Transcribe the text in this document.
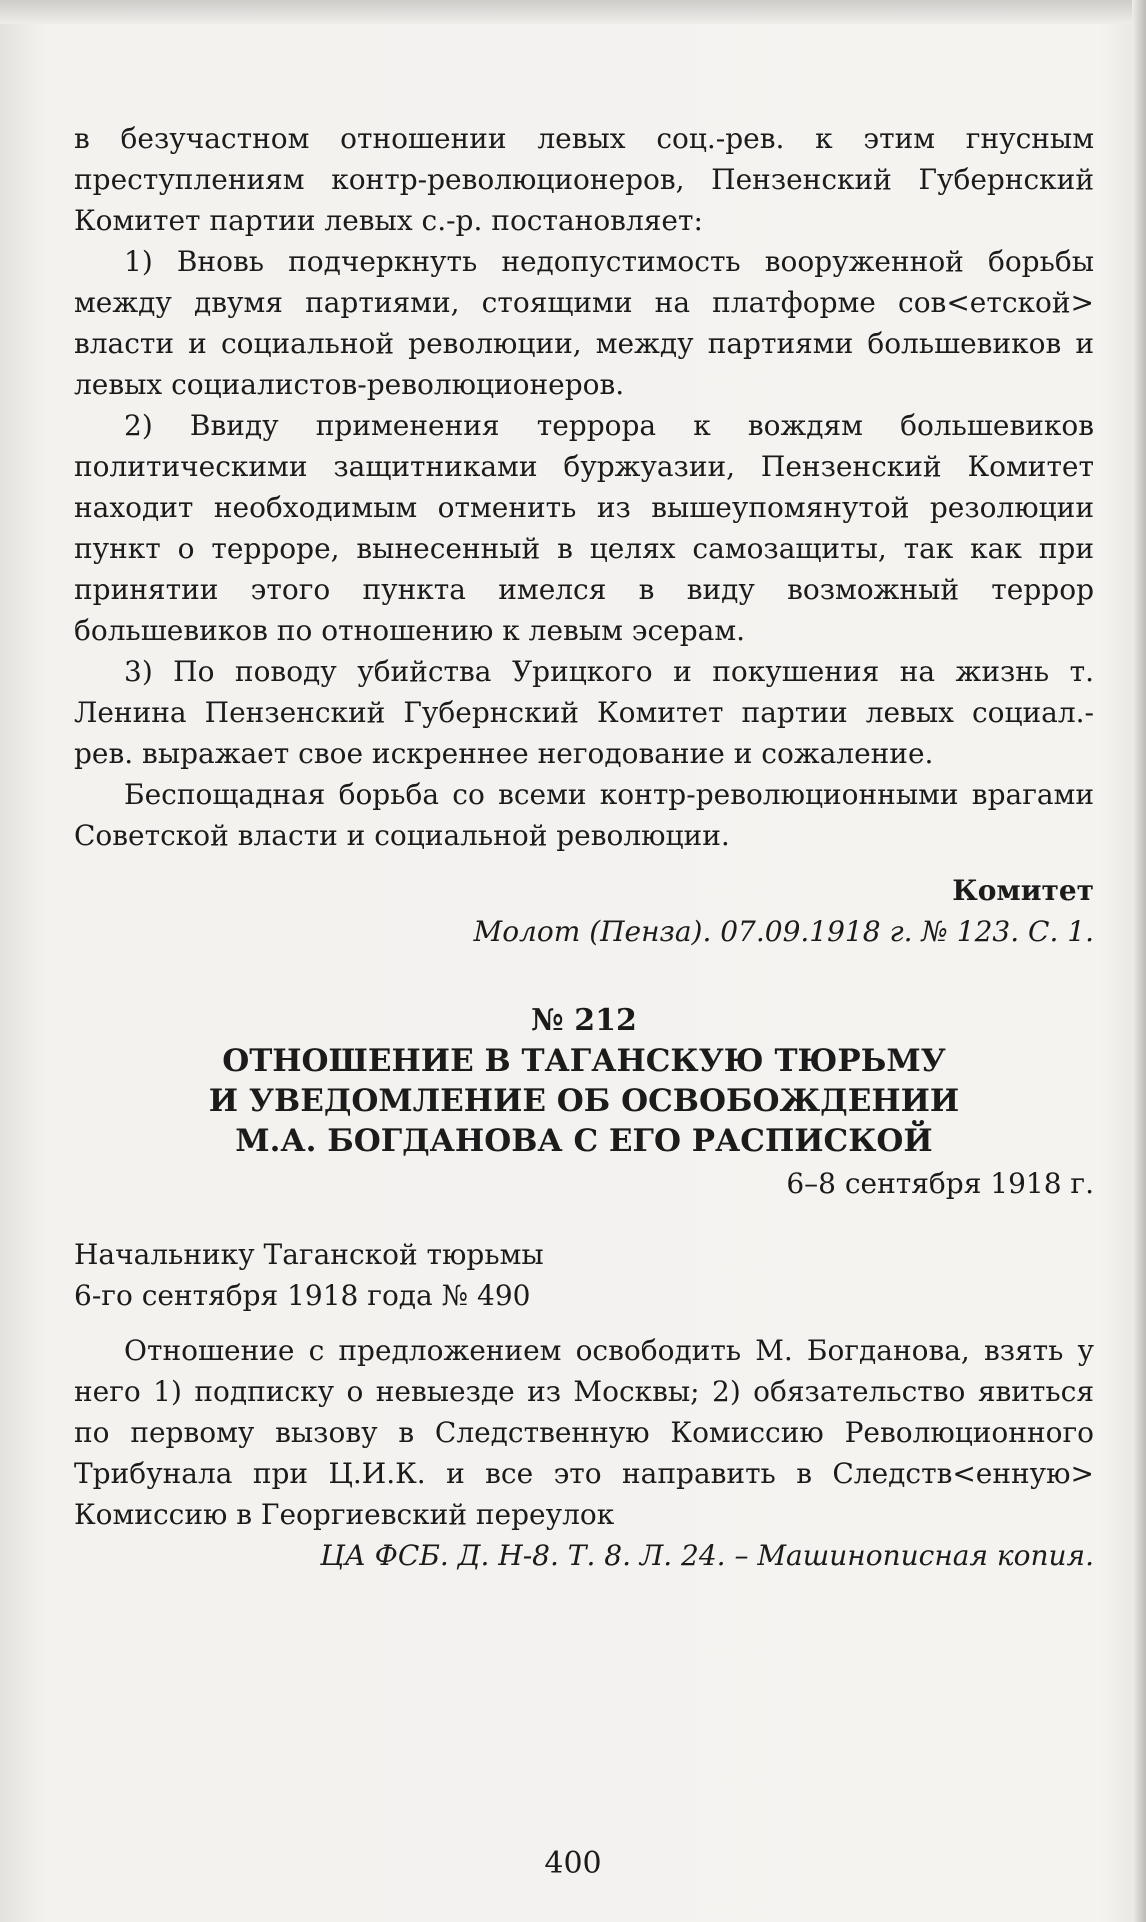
в безучастном отношении левых соц.-рев. к этим гнусным преступлениям контр-революционеров, Пензенский Губернский Комитет партии левых с.-р. постановляет:

1) Вновь подчеркнуть недопустимость вооруженной борьбы между двумя партиями, стоящими на платформе сов<етской> власти и социальной революции, между партиями большевиков и левых социалистов-революционеров.

2) Ввиду применения террора к вождям большевиков политическими защитниками буржуазии, Пензенский Комитет находит необходимым отменить из вышеупомянутой резолюции пункт о терроре, вынесенный в целях самозащиты, так как при принятии этого пункта имелся в виду возможный террор большевиков по отношению к левым эсерам.

3) По поводу убийства Урицкого и покушения на жизнь т. Ленина Пензенский Губернский Комитет партии левых социал.-рев. выражает свое искреннее негодование и сожаление.

Беспощадная борьба со всеми контр-революционными врагами Советской власти и социальной революции.

Комитет

Молот (Пенза). 07.09.1918 г. № 123. С. 1.

№ 212

ОТНОШЕНИЕ В ТАГАНСКУЮ ТЮРЬМУ

И УВЕДОМЛЕНИЕ ОБ ОСВОБОЖДЕНИИ

М.А. БОГДАНОВА С ЕГО РАСПИСКОЙ

6–8 сентября 1918 г.

Начальнику Таганской тюрьмы

6-го сентября 1918 года № 490

Отношение с предложением освободить М. Богданова, взять у него 1) подписку о невыезде из Москвы; 2) обязательство явиться по первому вызову в Следственную Комиссию Революционного Трибунала при Ц.И.К. и все это направить в Следств<енную> Комиссию в Георгиевский переулок

ЦА ФСБ. Д. Н-8. Т. 8. Л. 24. – Машинописная копия.

400
